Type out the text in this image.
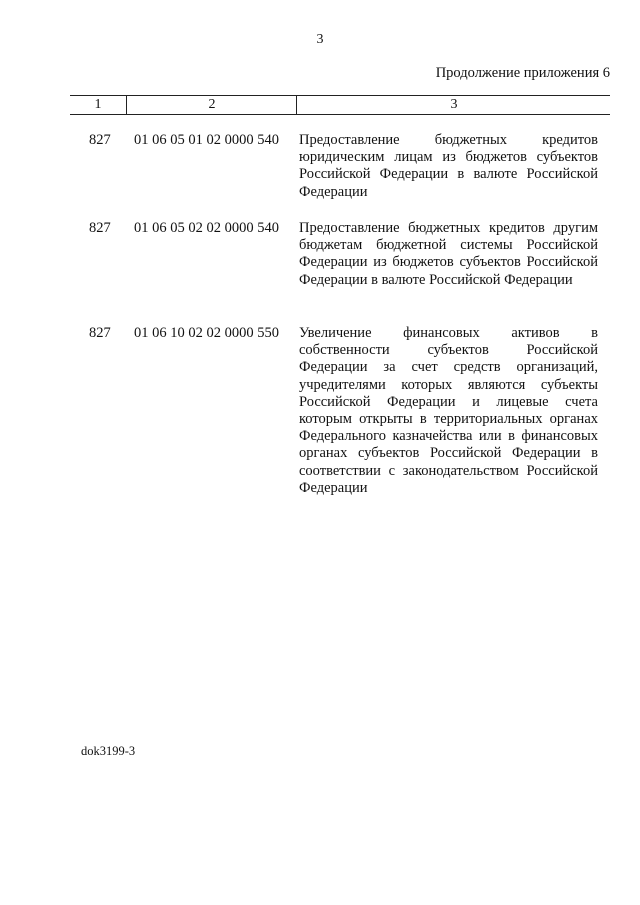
3
Продолжение приложения 6
1	2	3
827 01 06 05 01 02 0000 540 Предоставление бюджетных кредитов юридическим лицам из бюджетов субъектов Российской Федерации в валюте Российской Федерации
827 01 06 05 02 02 0000 540 Предоставление бюджетных кредитов другим бюджетам бюджетной системы Российской Федерации из бюджетов субъектов Российской Федерации в валюте Российской Федерации
827 01 06 10 02 02 0000 550 Увеличение финансовых активов в собственности субъектов Российской Федерации за счет средств организаций, учредителями которых являются субъекты Российской Федерации и лицевые счета которым открыты в территориальных органах Федерального казначейства или в финансовых органах субъектов Российской Федерации в соответствии с законодательством Российской Федерации
dok3199-3
